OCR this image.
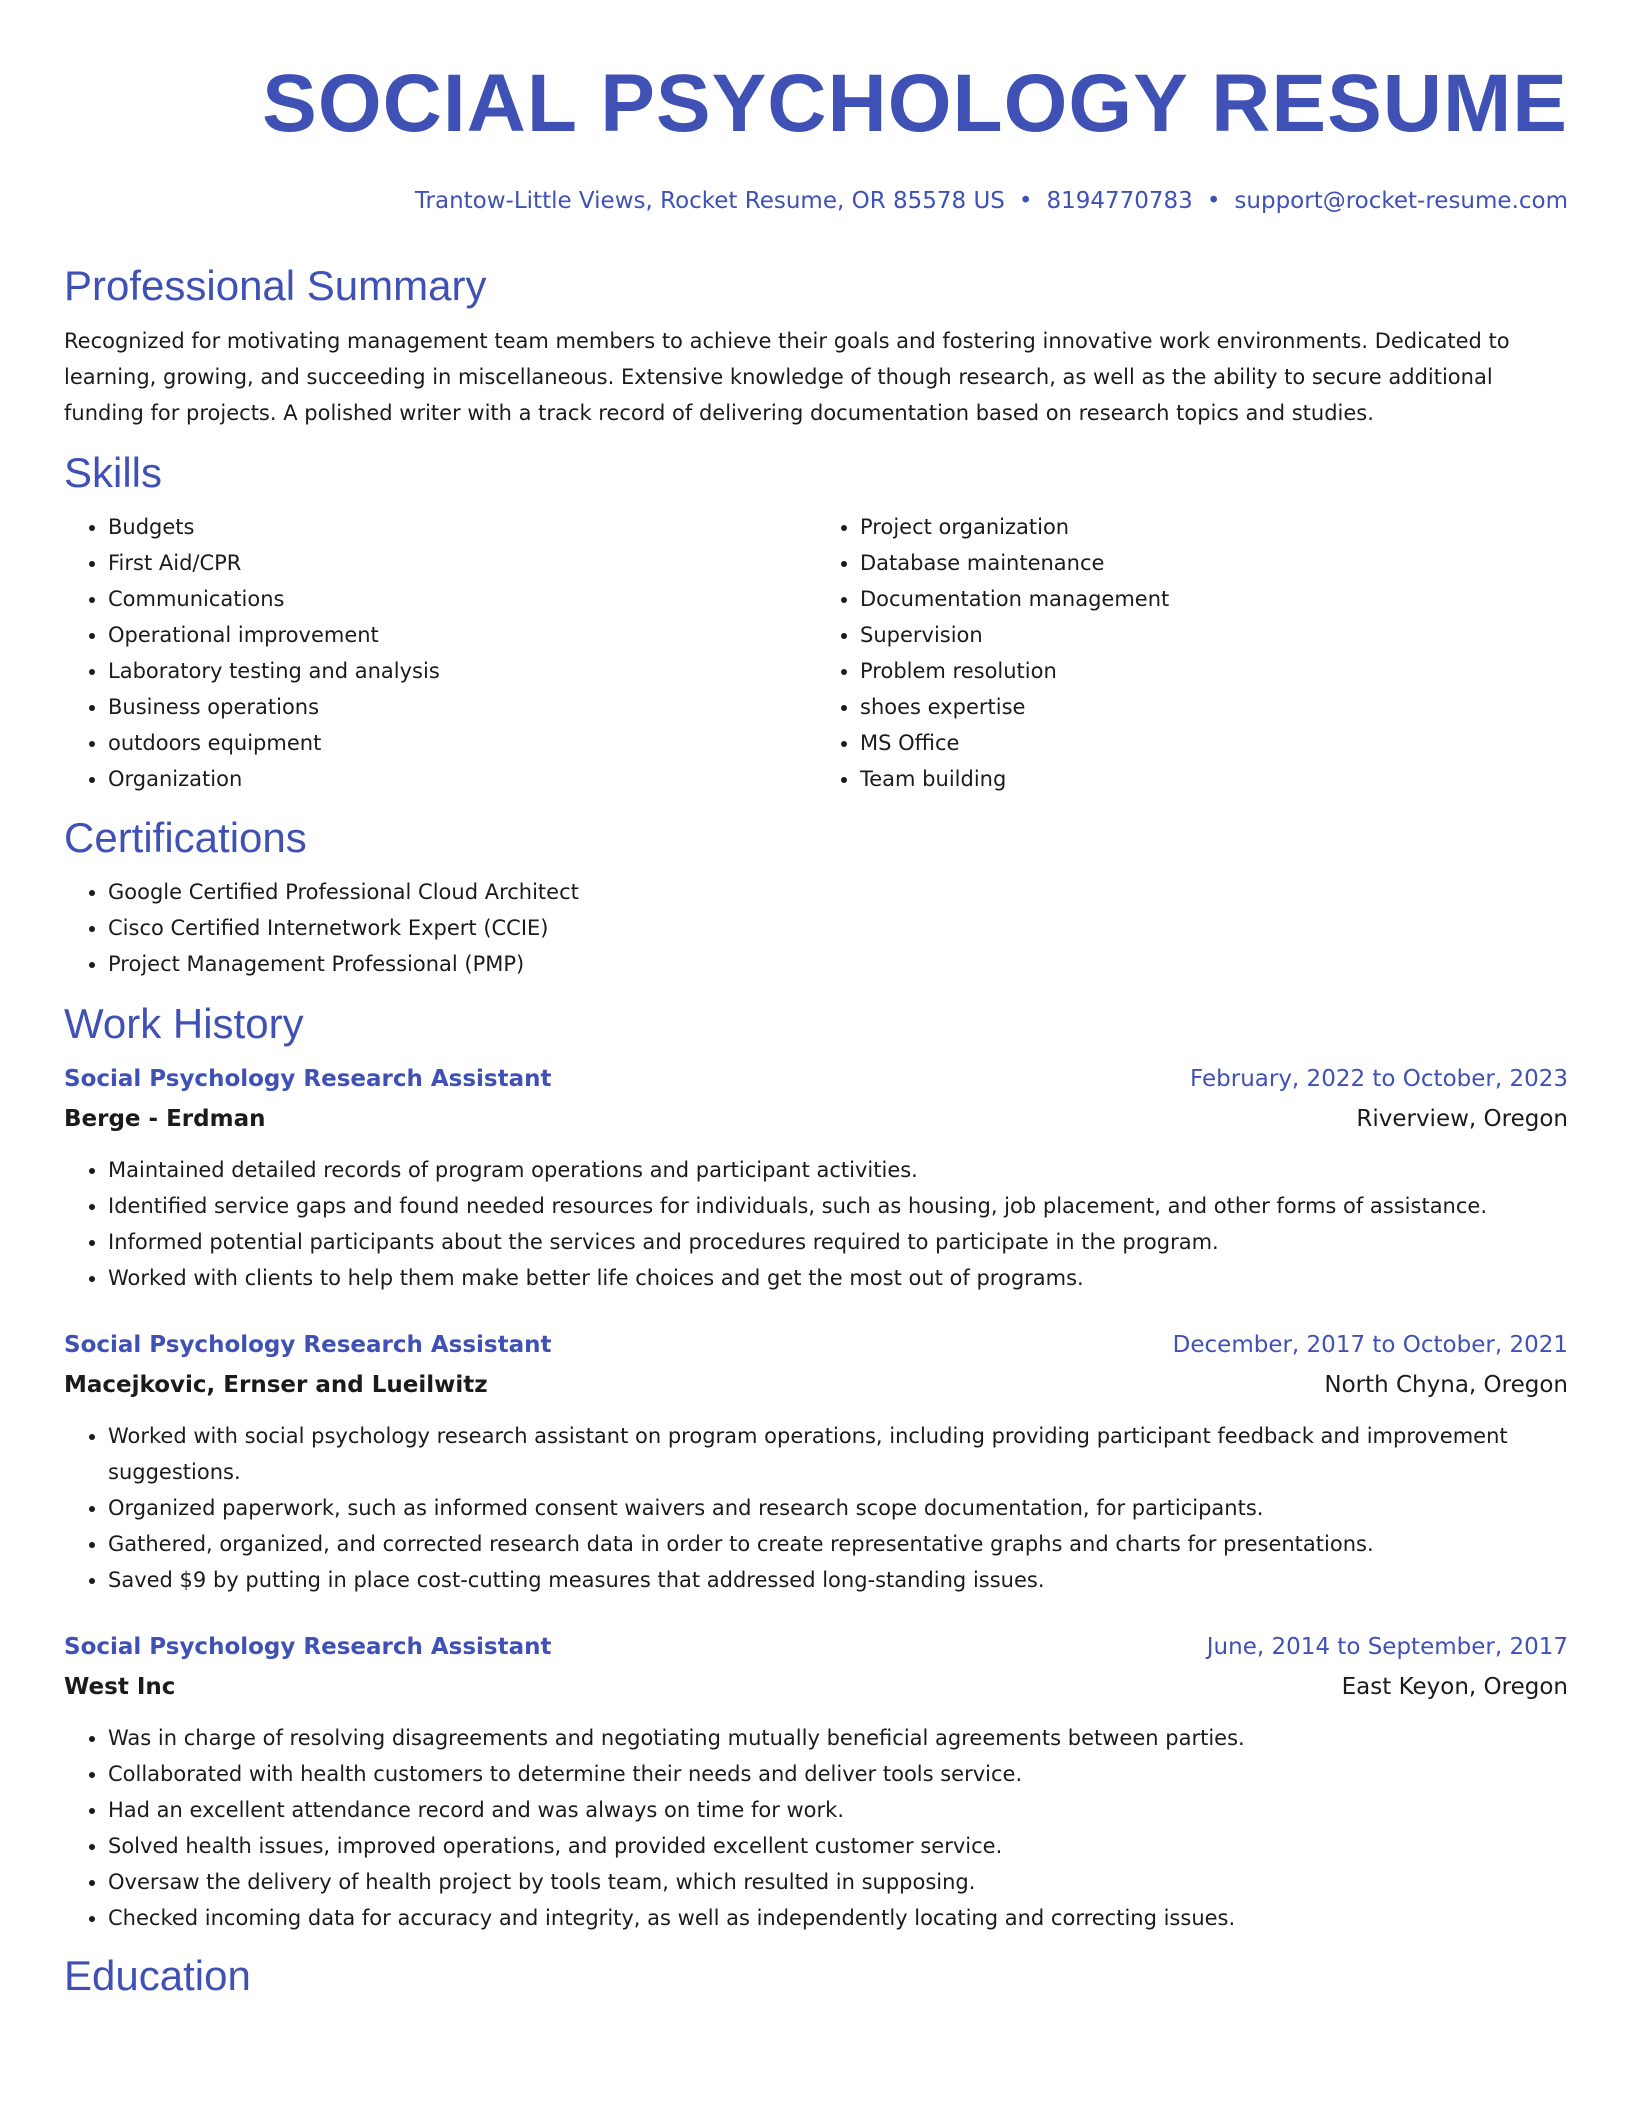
SOCIAL PSYCHOLOGY RESUME
Trantow-Little Views, Rocket Resume, OR 85578 US • 8194770783 • support@rocket-resume.com
Professional Summary

Recognized for motivating management team members to achieve their goals and fostering innovative work environments. Dedicated to learning, growing, and succeeding in miscellaneous. Extensive knowledge of though research, as well as the ability to secure additional funding for projects. A polished writer with a track record of delivering documentation based on research topics and studies.

Skills
• Budgets
• First Aid/CPR
• Communications
• Operational improvement
• Laboratory testing and analysis
• Business operations
• outdoors equipment
• Organization
• Project organization
• Database maintenance
• Documentation management
• Supervision
• Problem resolution
• shoes expertise
• MS Office
• Team building
Certifications
• Google Certified Professional Cloud Architect
• Cisco Certified Internetwork Expert (CCIE)
• Project Management Professional (PMP)
Work History
Social Psychology Research Assistant	February, 2022 to October, 2023
Berge - Erdman	Riverview, Oregon
• Maintained detailed records of program operations and participant activities.
• Identified service gaps and found needed resources for individuals, such as housing, job placement, and other forms of assistance.
• Informed potential participants about the services and procedures required to participate in the program.
• Worked with clients to help them make better life choices and get the most out of programs.
Social Psychology Research Assistant	December, 2017 to October, 2021
Macejkovic, Ernser and Lueilwitz	North Chyna, Oregon
• Worked with social psychology research assistant on program operations, including providing participant feedback and improvement suggestions.
• Organized paperwork, such as informed consent waivers and research scope documentation, for participants.
• Gathered, organized, and corrected research data in order to create representative graphs and charts for presentations.
• Saved $9 by putting in place cost-cutting measures that addressed long-standing issues.
Social Psychology Research Assistant	June, 2014 to September, 2017
West Inc	East Keyon, Oregon
• Was in charge of resolving disagreements and negotiating mutually beneficial agreements between parties.
• Collaborated with health customers to determine their needs and deliver tools service.
• Had an excellent attendance record and was always on time for work.
• Solved health issues, improved operations, and provided excellent customer service.
• Oversaw the delivery of health project by tools team, which resulted in supposing.
• Checked incoming data for accuracy and integrity, as well as independently locating and correcting issues.
Education
